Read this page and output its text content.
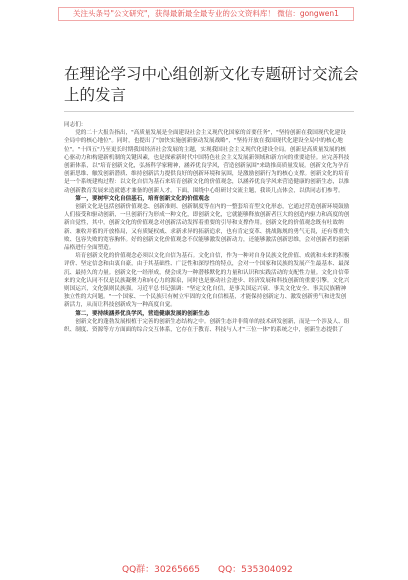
关注头条号"公文研究"，获得最新最全最专业的公文资料库！ 微信：gongwen1
在理论学习中心组创新文化专题研讨交流会上的发言

同志们：

党的二十大报告指出，"高质量发展是全面建设社会主义现代化国家的首要任务"，"坚持创新在我国现代化建设全局中的核心地位"。同时，也提出了"加快实施创新驱动发展战略"，"坚持开放在我国现代化建设全局中的核心地位"。"十四五"乃至更长时期我国经济社会发展的主题，实现我国社会主义现代化建设全局。创新是高质量发展的核心驱动力和构建新机制的关键因素，也是探索新时代中国特色社会主义发展新领域和新方向的重要途径。应完善科技创新体系，以"培育创新文化，弘扬科学家精神，涵养优良学风，营造创新氛围"来助推高质量发展。创新文化为孕育创新思维、触发创新潜质、维持创新活力提供良好的创新环境和氛围，是激励创新行为的核心支撑。创新文化的培育是一个系统建构过程：以文化自信为基石来培育创新文化的价值观念，以涵养优良学风来营造健康的创新生态，以推动创新教育发展来造就德才兼备的创新人才。下面，围绕中心组研讨交流主题，我谈几点体会，以供同志们参考。

第一，要树牢文化自信基石，培育创新文化的价值观念

创新文化是包括创新价值观念、创新准则、创新制度等在内的一整套培育型文化形态，它通过营造创新环境鼓励人们接受和驱动创新，一旦创新行为形成一种文化，即创新文化，它就能够释放创新者巨大的创造内驱力和高度的创新自觉性，其中，创新文化的价值观念对创新活动发挥着重要的引导和支撑作用。创新文化的价值观念既有吐故纳新、兼收并蓄的开放格局，又有质疑权威、求新求异的拓新追求，也有肯定变革、挑战陈规的勇气无畏，还有尊重失败、包容失败的宽容胸怀。好的创新文化价值观念不仅能够激发创新动力，还能够激活创新思维，会对创新者的创新品格进行全面塑造。

培育创新文化的价值观念必须以文化自信为基石。文化自信，作为一种对自身民族文化价值、成就和未来的积极评价、坚定信念和由衷自豪，由于其基础性、广泛性和深厚性的特点，会对一个国家和民族的发展产生最基本、最深沉、最持久的力量。创新文化一经形成，便会成为一种潜移默化的力量和认识和实践活动的支配性力量。文化自信带来的文化认同不仅是民族凝聚力和向心力的源泉，同时也是驱动社会进步、经济发展和科技创新的重要引擎。文化兴则国运兴，文化强则民族强。习近平总书记强调："坚定文化自信，是事关国运兴衰、事关文化安全、事关民族精神独立性的大问题。"一个国家、一个民族只有树立牢固的文化自信根基，才能保持创新定力、激发创新勇气和迸发创新活力，从而让科技创新成为一种高度自觉。

第二，要持续涵养优良学风，营造健康发展的创新生态

创新文化的蓬勃发展根植于完善的创新生态结构之中。创新生态并非简单的技术研发创新，而是一个涉及人、组织、制度、资源等方方面面的综合交互体系，它存在于教育、科技与人才"三位一体"的系统之中，创新生态提供了

QQ群：30265665 QQ：535304092
